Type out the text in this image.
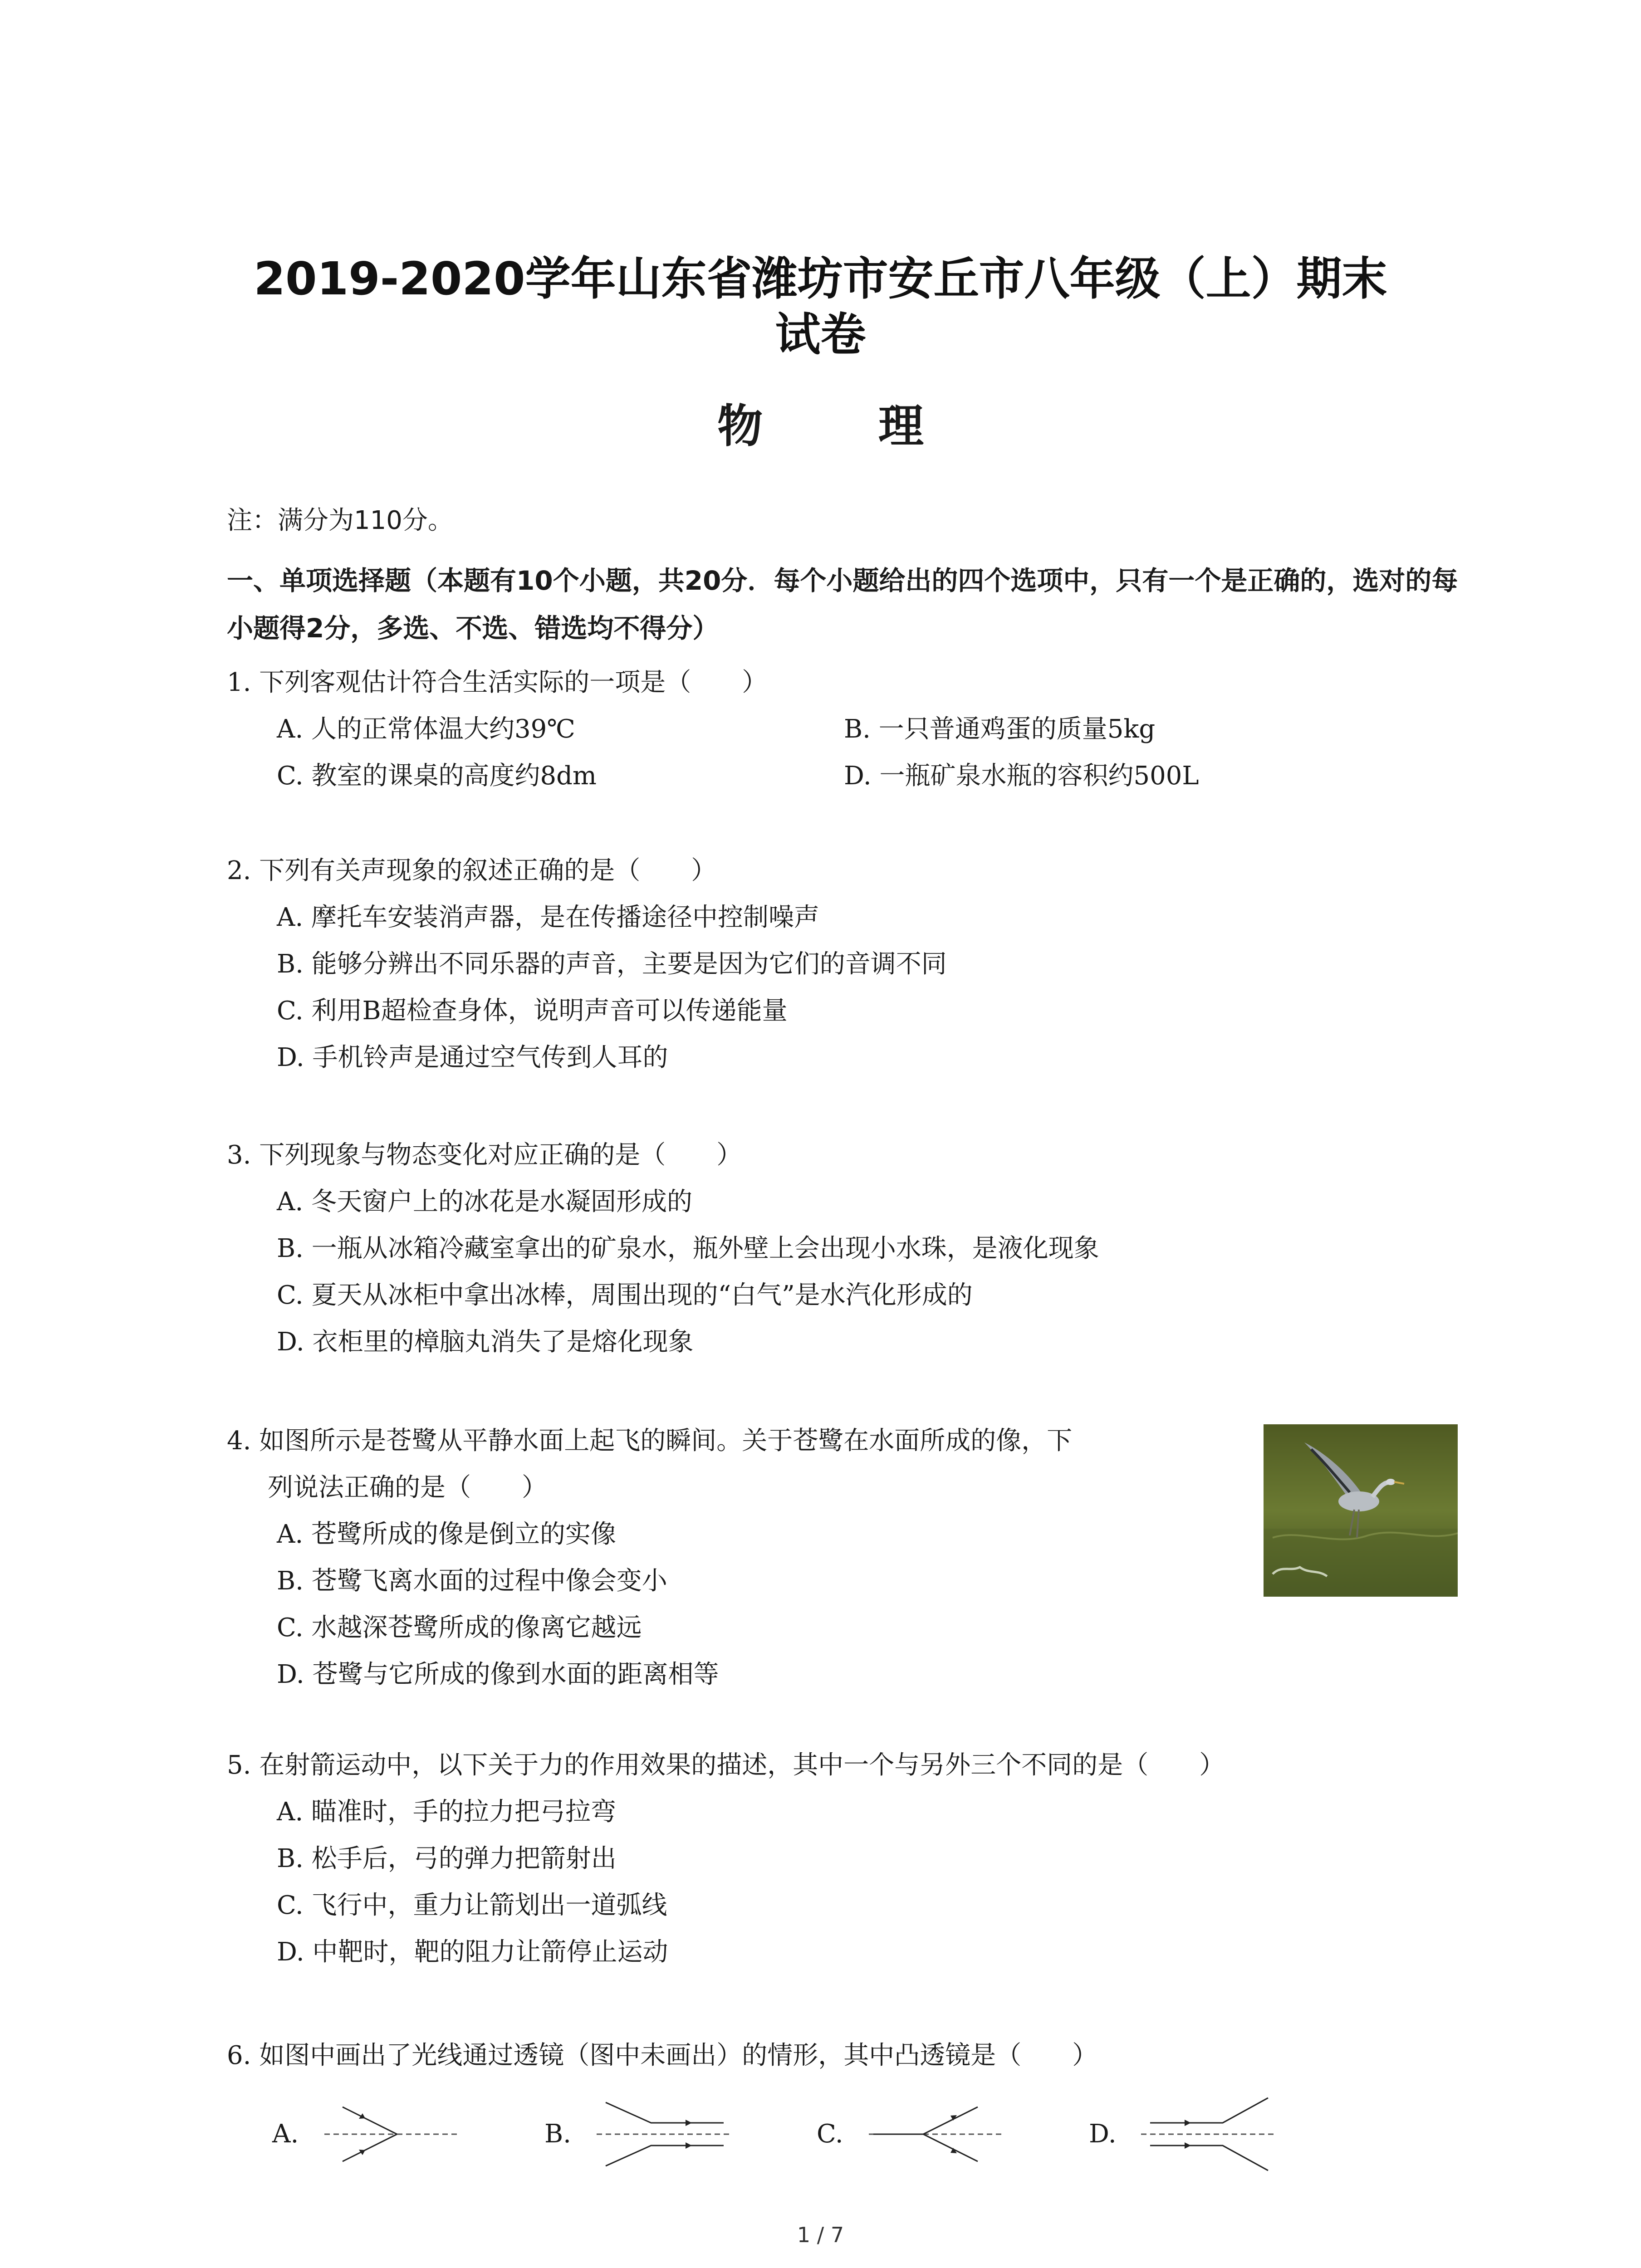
2019-2020学年山东省潍坊市安丘市八年级（上）期末
试卷
物 理
注：满分为110分。
一、单项选择题（本题有10个小题，共20分．每个小题给出的四个选项中，只有一个是正确的，选对的每小题得2分，多选、不选、错选均不得分）
1. 下列客观估计符合生活实际的一项是（　　）
A. 人的正常体温大约39℃	B. 一只普通鸡蛋的质量5kg
C. 教室的课桌的高度约8dm	D. 一瓶矿泉水瓶的容积约500L
2. 下列有关声现象的叙述正确的是（　　）
A. 摩托车安装消声器，是在传播途径中控制噪声
B. 能够分辨出不同乐器的声音，主要是因为它们的音调不同
C. 利用B超检查身体，说明声音可以传递能量
D. 手机铃声是通过空气传到人耳的
3. 下列现象与物态变化对应正确的是（　　）
A. 冬天窗户上的冰花是水凝固形成的
B. 一瓶从冰箱冷藏室拿出的矿泉水，瓶外壁上会出现小水珠，是液化现象
C. 夏天从冰柜中拿出冰棒，周围出现的“白气”是水汽化形成的
D. 衣柜里的樟脑丸消失了是熔化现象
4. 如图所示是苍鹭从平静水面上起飞的瞬间。关于苍鹭在水面所成的像，下
列说法正确的是（　　）
A. 苍鹭所成的像是倒立的实像
B. 苍鹭飞离水面的过程中像会变小
C. 水越深苍鹭所成的像离它越远
D. 苍鹭与它所成的像到水面的距离相等
5. 在射箭运动中，以下关于力的作用效果的描述，其中一个与另外三个不同的是（　　）
A. 瞄准时，手的拉力把弓拉弯
B. 松手后，弓的弹力把箭射出
C. 飞行中，重力让箭划出一道弧线
D. 中靶时，靶的阻力让箭停止运动
6. 如图中画出了光线通过透镜（图中未画出）的情形，其中凸透镜是（　　）
A.	B.	C.	D.
1 / 7
